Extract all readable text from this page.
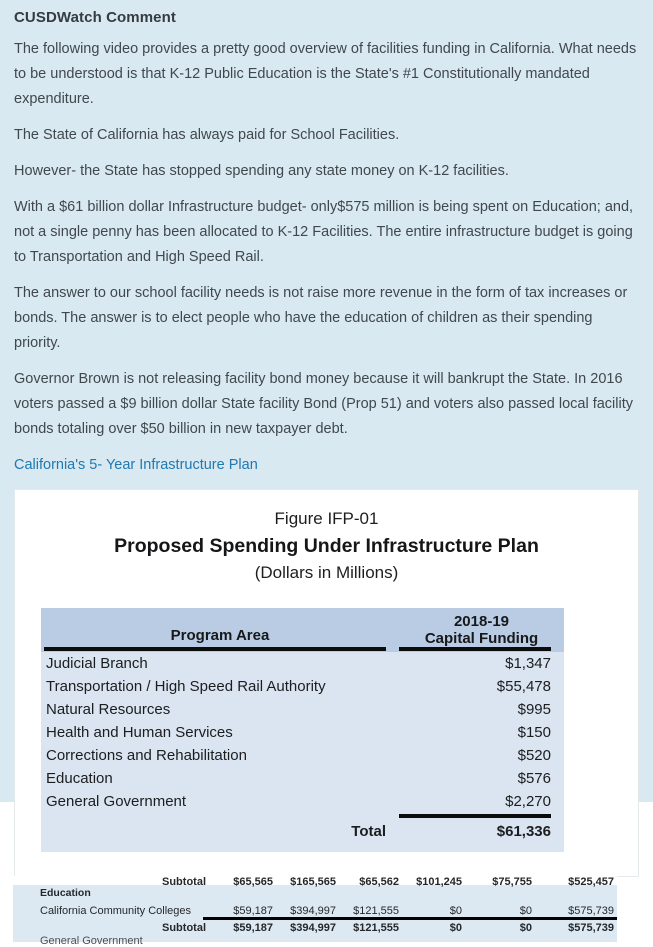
CUSDWatch Comment

The following video provides a pretty good overview of facilities funding in California. What needs to be understood is that K-12 Public Education is the State's #1 Constitutionally mandated expenditure.

The State of California has always paid for School Facilities.

However- the State has stopped spending any state money on K-12 facilities.

With a $61 billion dollar Infrastructure budget- only$575 million is being spent on Education; and, not a single penny has been allocated to K-12 Facilities. The entire infrastructure budget is going to Transportation and High Speed Rail.

The answer to our school facility needs is not raise more revenue in the form of tax increases or bonds. The answer is to elect people who have the education of children as their spending priority.

Governor Brown is not releasing facility bond money because it will bankrupt the State. In 2016 voters passed a $9 billion dollar State facility Bond (Prop 51) and voters also passed local facility bonds totaling over $50 billion in new taxpayer debt.

California's 5- Year Infrastructure Plan
Figure IFP-01
Proposed Spending Under Infrastructure Plan
(Dollars in Millions)
Program Area
2018-19
Capital Funding
Judicial Branch	$1,347
Transportation / High Speed Rail Authority	$55,478
Natural Resources	$995
Health and Human Services	$150
Corrections and Rehabilitation	$520
Education	$576
General Government	$2,270
Total	$61,336
Subtotal	$65,565	$165,565	$65,562	$101,245	$75,755	$525,457
Education
California Community Colleges	$59,187	$394,997	$121,555	$0	$0	$575,739
Subtotal	$59,187	$394,997	$121,555	$0	$0	$575,739
General Government
